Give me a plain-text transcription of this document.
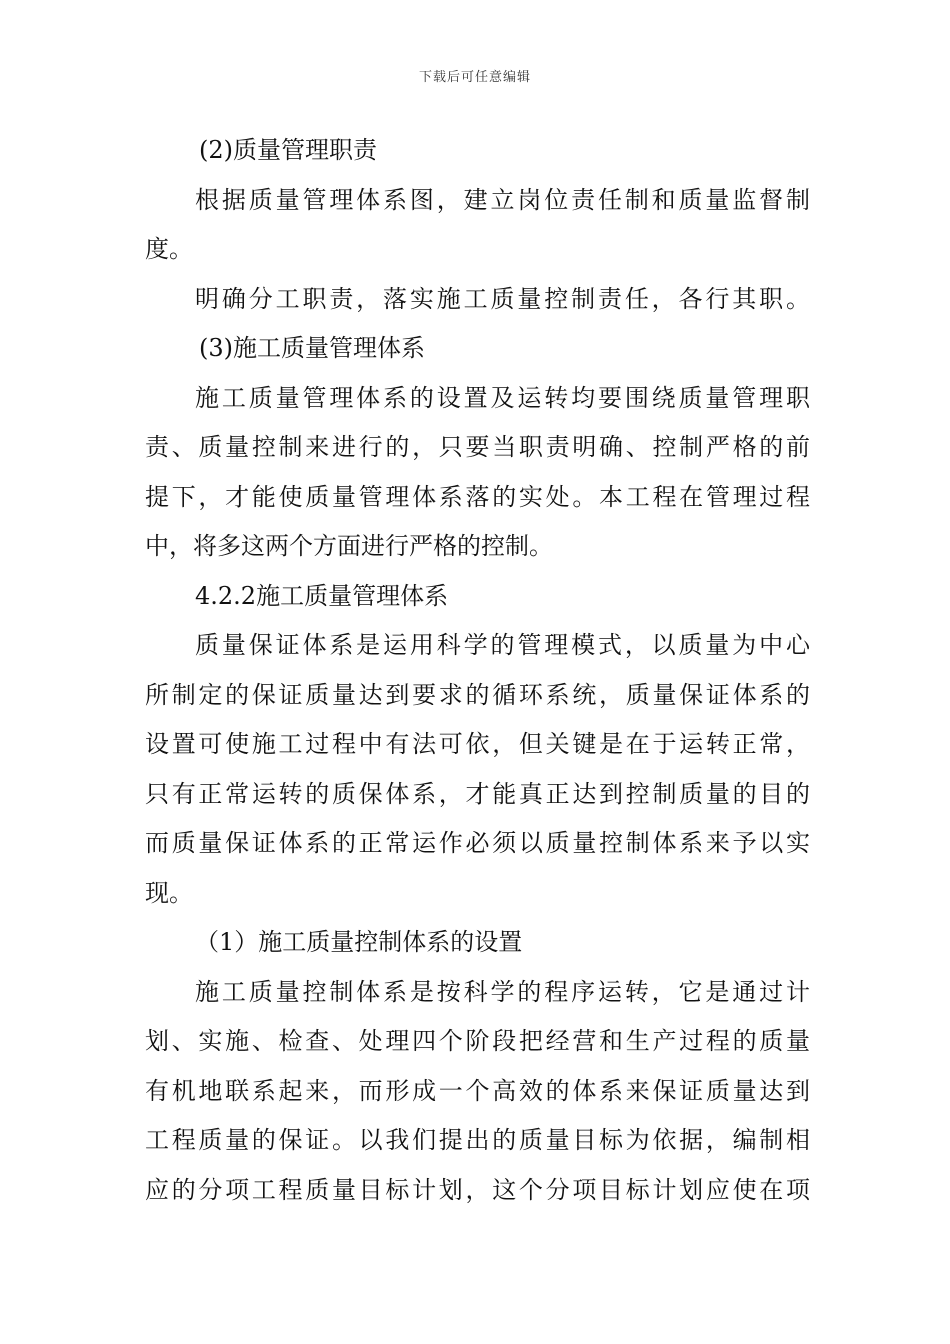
下载后可任意编辑
(2)质量管理职责
根据质量管理体系图，建立岗位责任制和质量监督制
度。
明确分工职责，落实施工质量控制责任，各行其职。
(3)施工质量管理体系
施工质量管理体系的设置及运转均要围绕质量管理职
责、质量控制来进行的，只要当职责明确、控制严格的前
提下，才能使质量管理体系落的实处。本工程在管理过程
中，将多这两个方面进行严格的控制。
4.2.2施工质量管理体系
质量保证体系是运用科学的管理模式，以质量为中心
所制定的保证质量达到要求的循环系统，质量保证体系的
设置可使施工过程中有法可依，但关键是在于运转正常，
只有正常运转的质保体系，才能真正达到控制质量的目的
而质量保证体系的正常运作必须以质量控制体系来予以实
现。
（1）施工质量控制体系的设置
施工质量控制体系是按科学的程序运转，它是通过计
划、实施、检查、处理四个阶段把经营和生产过程的质量
有机地联系起来，而形成一个高效的体系来保证质量达到
工程质量的保证。以我们提出的质量目标为依据，编制相
应的分项工程质量目标计划，这个分项目标计划应使在项
